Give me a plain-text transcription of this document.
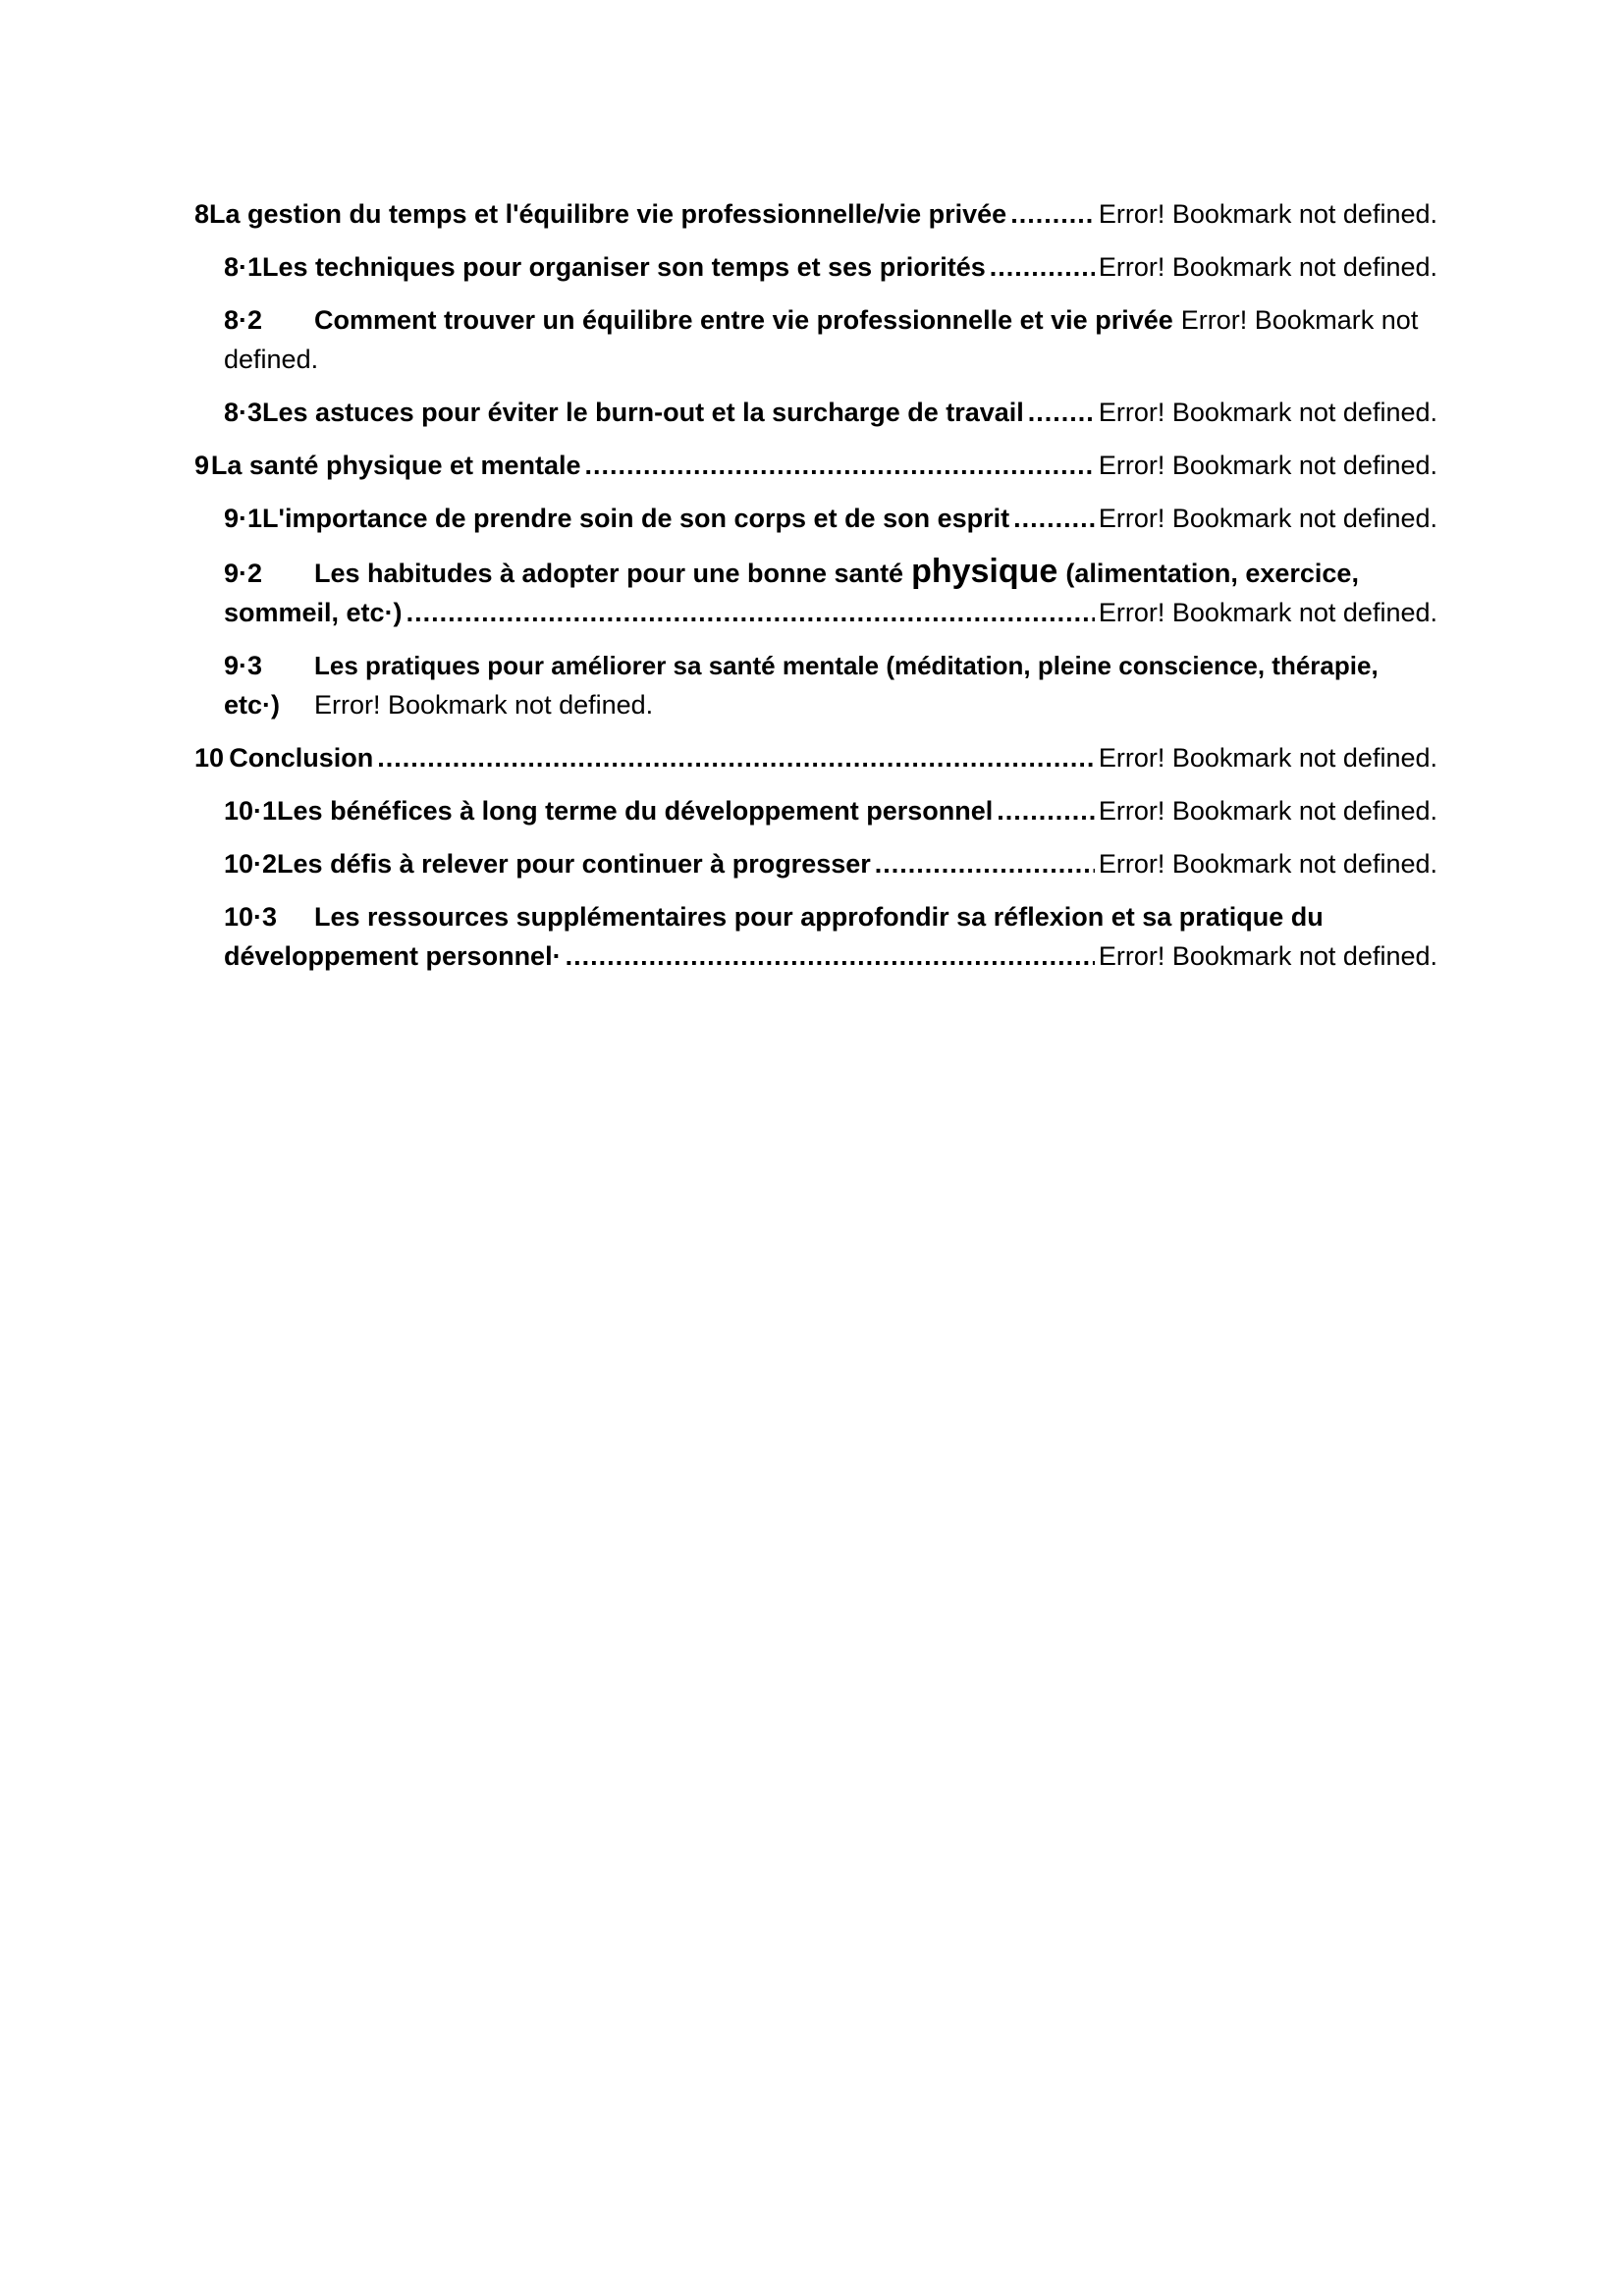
8 La gestion du temps et l'équilibre vie professionnelle/vie privée .....	Error! Bookmark not defined.
8·1 Les techniques pour organiser son temps et ses priorités .....	Error! Bookmark not defined.
8·2	Comment trouver un équilibre entre vie professionnelle et vie privée Error! Bookmark not
defined.
8·3 Les astuces pour éviter le burn-out et la surcharge de travail .....	Error! Bookmark not defined.
9 La santé physique et mentale .....	Error! Bookmark not defined.
9·1 L'importance de prendre soin de son corps et de son esprit .....	Error! Bookmark not defined.
9·2	Les habitudes à adopter pour une bonne santé physique (alimentation, exercice,
sommeil, etc·) .....	Error! Bookmark not defined.
9·3	Les pratiques pour améliorer sa santé mentale (méditation, pleine conscience, thérapie,
etc·)	Error! Bookmark not defined.
10 Conclusion .....	Error! Bookmark not defined.
10·1 Les bénéfices à long terme du développement personnel .....	Error! Bookmark not defined.
10·2 Les défis à relever pour continuer à progresser .....	Error! Bookmark not defined.
10·3	Les ressources supplémentaires pour approfondir sa réflexion et sa pratique du
développement personnel· .....	Error! Bookmark not defined.
